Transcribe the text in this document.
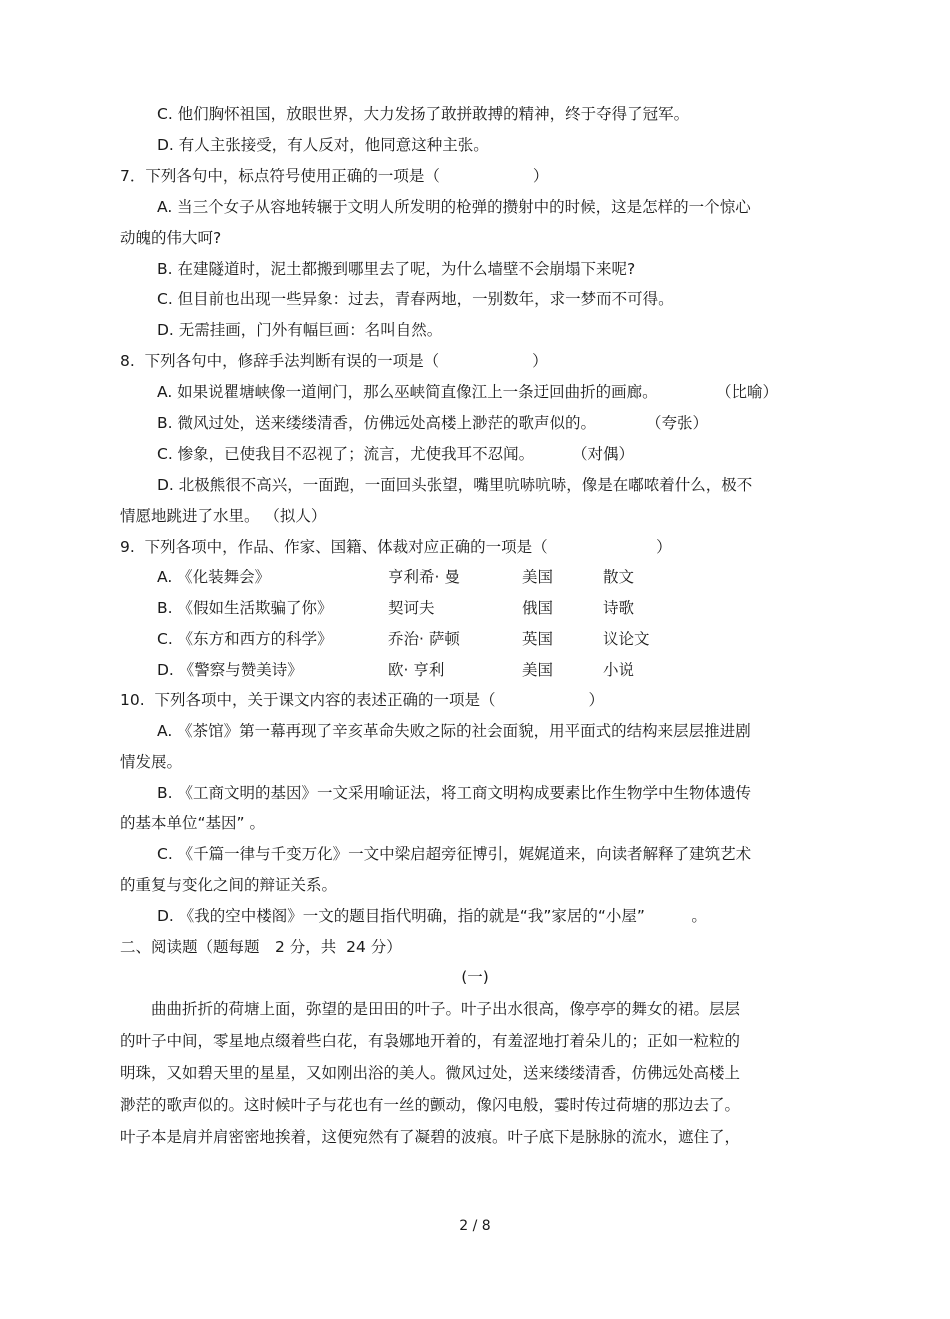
C. 他们胸怀祖国，放眼世界，大力发扬了敢拼敢搏的精神，终于夺得了冠军。
D. 有人主张接受，有人反对，他同意这种主张。
7．下列各句中，标点符号使用正确的一项是（　　　　　　）
A. 当三个女子从容地转辗于文明人所发明的枪弹的攒射中的时候，这是怎样的一个惊心
动魄的伟大呵?
B. 在建隧道时，泥土都搬到哪里去了呢，为什么墙壁不会崩塌下来呢?
C. 但目前也出现一些异象：过去，青春两地，一别数年，求一梦而不可得。
D. 无需挂画，门外有幅巨画：名叫自然。
8.  下列各句中，修辞手法判断有误的一项是（　　　　　　）
A. 如果说瞿塘峡像一道闸门，那么巫峡简直像江上一条迂回曲折的画廊。	（比喻）
B. 微风过处，送来缕缕清香，仿佛远处高楼上渺茫的歌声似的。	（夸张）
C. 惨象，已使我目不忍视了；流言，尤使我耳不忍闻。 （对偶）
D. 北极熊很不高兴，一面跑，一面回头张望，嘴里吭哧吭哧，像是在嘟哝着什么，极不
情愿地跳进了水里。 （拟人）
9.  下列各项中，作品、作家、国籍、体裁对应正确的一项是（　　　　　　　）
A. 《化装舞会》	亨利希· 曼	美国	散文
B. 《假如生活欺骗了你》	契诃夫	俄国	诗歌
C. 《东方和西方的科学》	乔治· 萨顿	英国	议论文
D. 《警察与赞美诗》	欧· 亨利	美国	小说
10.  下列各项中，关于课文内容的表述正确的一项是（　　　　　　）
A. 《茶馆》第一幕再现了辛亥革命失败之际的社会面貌，用平面式的结构来层层推进剧
情发展。
B. 《工商文明的基因》一文采用喻证法，将工商文明构成要素比作生物学中生物体遗传
的基本单位“基因” 。
C. 《千篇一律与千变万化》一文中梁启超旁征博引，娓娓道来，向读者解释了建筑艺术
的重复与变化之间的辩证关系。
D. 《我的空中楼阁》一文的题目指代明确，指的就是“我”家居的“小屋”　　　。
二、阅读题（题每题　2 分，共  24 分）
(一)
　　曲曲折折的荷塘上面，弥望的是田田的叶子。叶子出水很高，像亭亭的舞女的裙。层层
的叶子中间，零星地点缀着些白花，有袅娜地开着的，有羞涩地打着朵儿的；正如一粒粒的
明珠，又如碧天里的星星，又如刚出浴的美人。微风过处，送来缕缕清香，仿佛远处高楼上
渺茫的歌声似的。这时候叶子与花也有一丝的颤动，像闪电般，霎时传过荷塘的那边去了。
叶子本是肩并肩密密地挨着，这便宛然有了凝碧的波痕。叶子底下是脉脉的流水，遮住了，
2 / 8
